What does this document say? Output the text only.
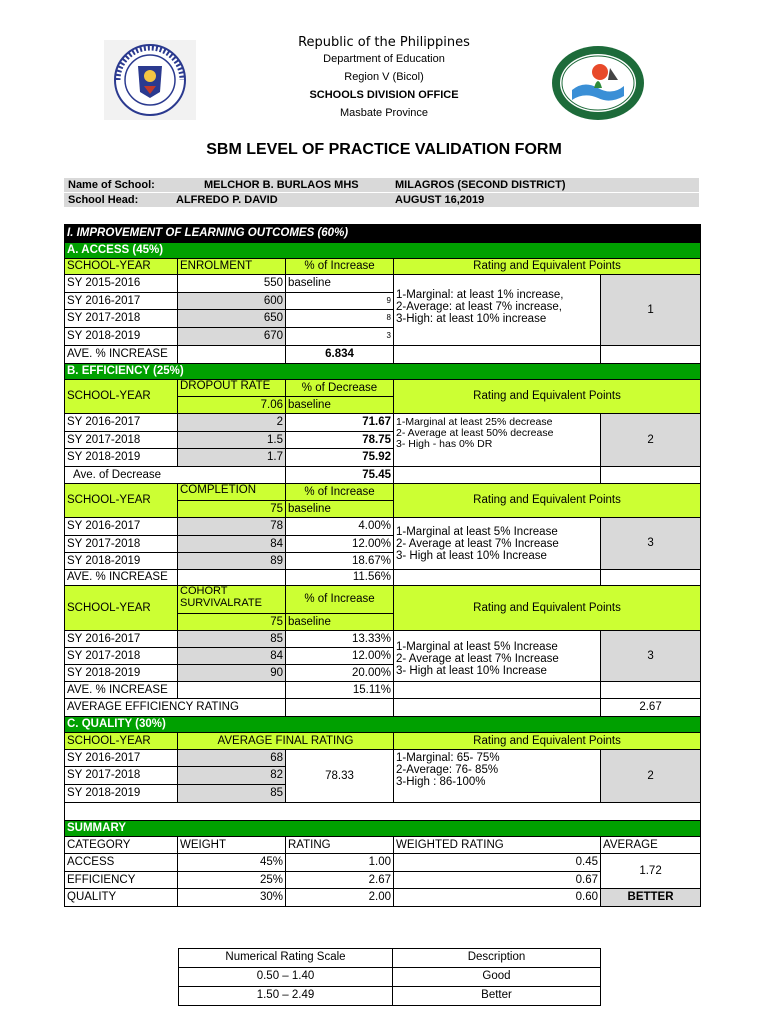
Republic of the Philippines
Department of Education
Region V (Bicol)
SCHOOLS DIVISION OFFICE
Masbate Province
SBM LEVEL OF PRACTICE VALIDATION FORM
Name of School:	MELCHOR B. BURLAOS MHS	MILAGROS (SECOND DISTRICT)
School Head:	ALFREDO P. DAVID	AUGUST 16,2019
I. IMPROVEMENT OF LEARNING OUTCOMES (60%)				
A. ACCESS (45%)				
SCHOOL-YEAR	ENROLMENT	% of Increase	Rating and Equivalent Points	
SY 2015-2016	550	baseline	1-Marginal: at least 1% increase,
2-Average: at least 7% increase,
3-High: at least 10% increase	1
SY 2016-2017	600	9		
SY 2017-2018	650	8		
SY 2018-2019	670	3		
AVE. % INCREASE		6.834		
B. EFFICIENCY (25%)				
SCHOOL-YEAR	DROPOUT RATE	% of Decrease	Rating and Equivalent Points	
	7.06	baseline		
SY 2016-2017	2	71.67	1-Marginal at least 25% decrease
2- Average at least 50% decrease
3- High - has 0% DR	2
SY 2017-2018	1.5	78.75		
SY 2018-2019	1.7	75.92		
Ave. of Decrease		75.45		
SCHOOL-YEAR	COMPLETION	% of Increase	Rating and Equivalent Points	
	75	baseline		
SY 2016-2017	78	4.00%	1-Marginal at least 5% Increase
2- Average at least 7% Increase
3- High at least 10% Increase	3
SY 2017-2018	84	12.00%		
SY 2018-2019	89	18.67%		
AVE. % INCREASE		11.56%		
SCHOOL-YEAR	COHORT
SURVIVALRATE	% of Increase	Rating and Equivalent Points	
	75	baseline		
SY 2016-2017	85	13.33%	1-Marginal at least 5% Increase
2- Average at least 7% Increase
3- High at least 10% Increase	3
SY 2017-2018	84	12.00%		
SY 2018-2019	90	20.00%		
AVE. % INCREASE		15.11%		
AVERAGE EFFICIENCY RATING				2.67
C. QUALITY (30%)				
SCHOOL-YEAR	AVERAGE FINAL RATING		Rating and Equivalent Points	
SY 2016-2017	68	78.33	1-Marginal: 65- 75%
2-Average: 76- 85%
3-High : 86-100%	2
SY 2017-2018	82			
SY 2018-2019	85			

SUMMARY				
CATEGORY	WEIGHT	RATING	WEIGHTED RATING	AVERAGE
ACCESS	45%	1.00	0.45	1.72
EFFICIENCY	25%	2.67	0.67	
QUALITY	30%	2.00	0.60	BETTER
Numerical Rating Scale	Description
0.50 – 1.40	Good
1.50 – 2.49	Better
